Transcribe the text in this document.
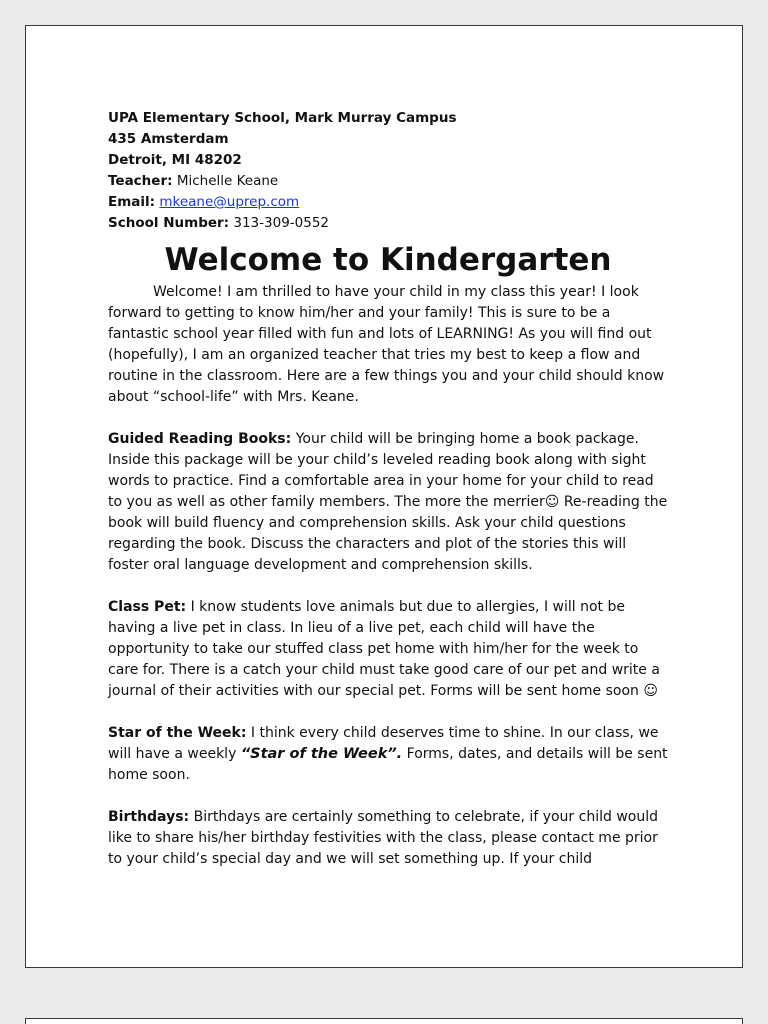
UPA Elementary School, Mark Murray Campus
435 Amsterdam
Detroit, MI 48202
Teacher: Michelle Keane
Email: mkeane@uprep.com
School Number: 313-309-0552
Welcome to Kindergarten

Welcome! I am thrilled to have your child in my class this year! I look forward to getting to know him/her and your family! This is sure to be a fantastic school year filled with fun and lots of LEARNING! As you will find out (hopefully), I am an organized teacher that tries my best to keep a flow and routine in the classroom. Here are a few things you and your child should know about “school-life” with Mrs. Keane.

Guided Reading Books: Your child will be bringing home a book package. Inside this package will be your child’s leveled reading book along with sight words to practice. Find a comfortable area in your home for your child to read to you as well as other family members. The more the merrier☺ Re-reading the book will build fluency and comprehension skills. Ask your child questions regarding the book. Discuss the characters and plot of the stories this will foster oral language development and comprehension skills.

Class Pet: I know students love animals but due to allergies, I will not be having a live pet in class. In lieu of a live pet, each child will have the opportunity to take our stuffed class pet home with him/her for the week to care for. There is a catch your child must take good care of our pet and write a journal of their activities with our special pet. Forms will be sent home soon ☺

Star of the Week: I think every child deserves time to shine. In our class, we will have a weekly “Star of the Week”. Forms, dates, and details will be sent home soon.

Birthdays: Birthdays are certainly something to celebrate, if your child would like to share his/her birthday festivities with the class, please contact me prior to your child’s special day and we will set something up. If your child
